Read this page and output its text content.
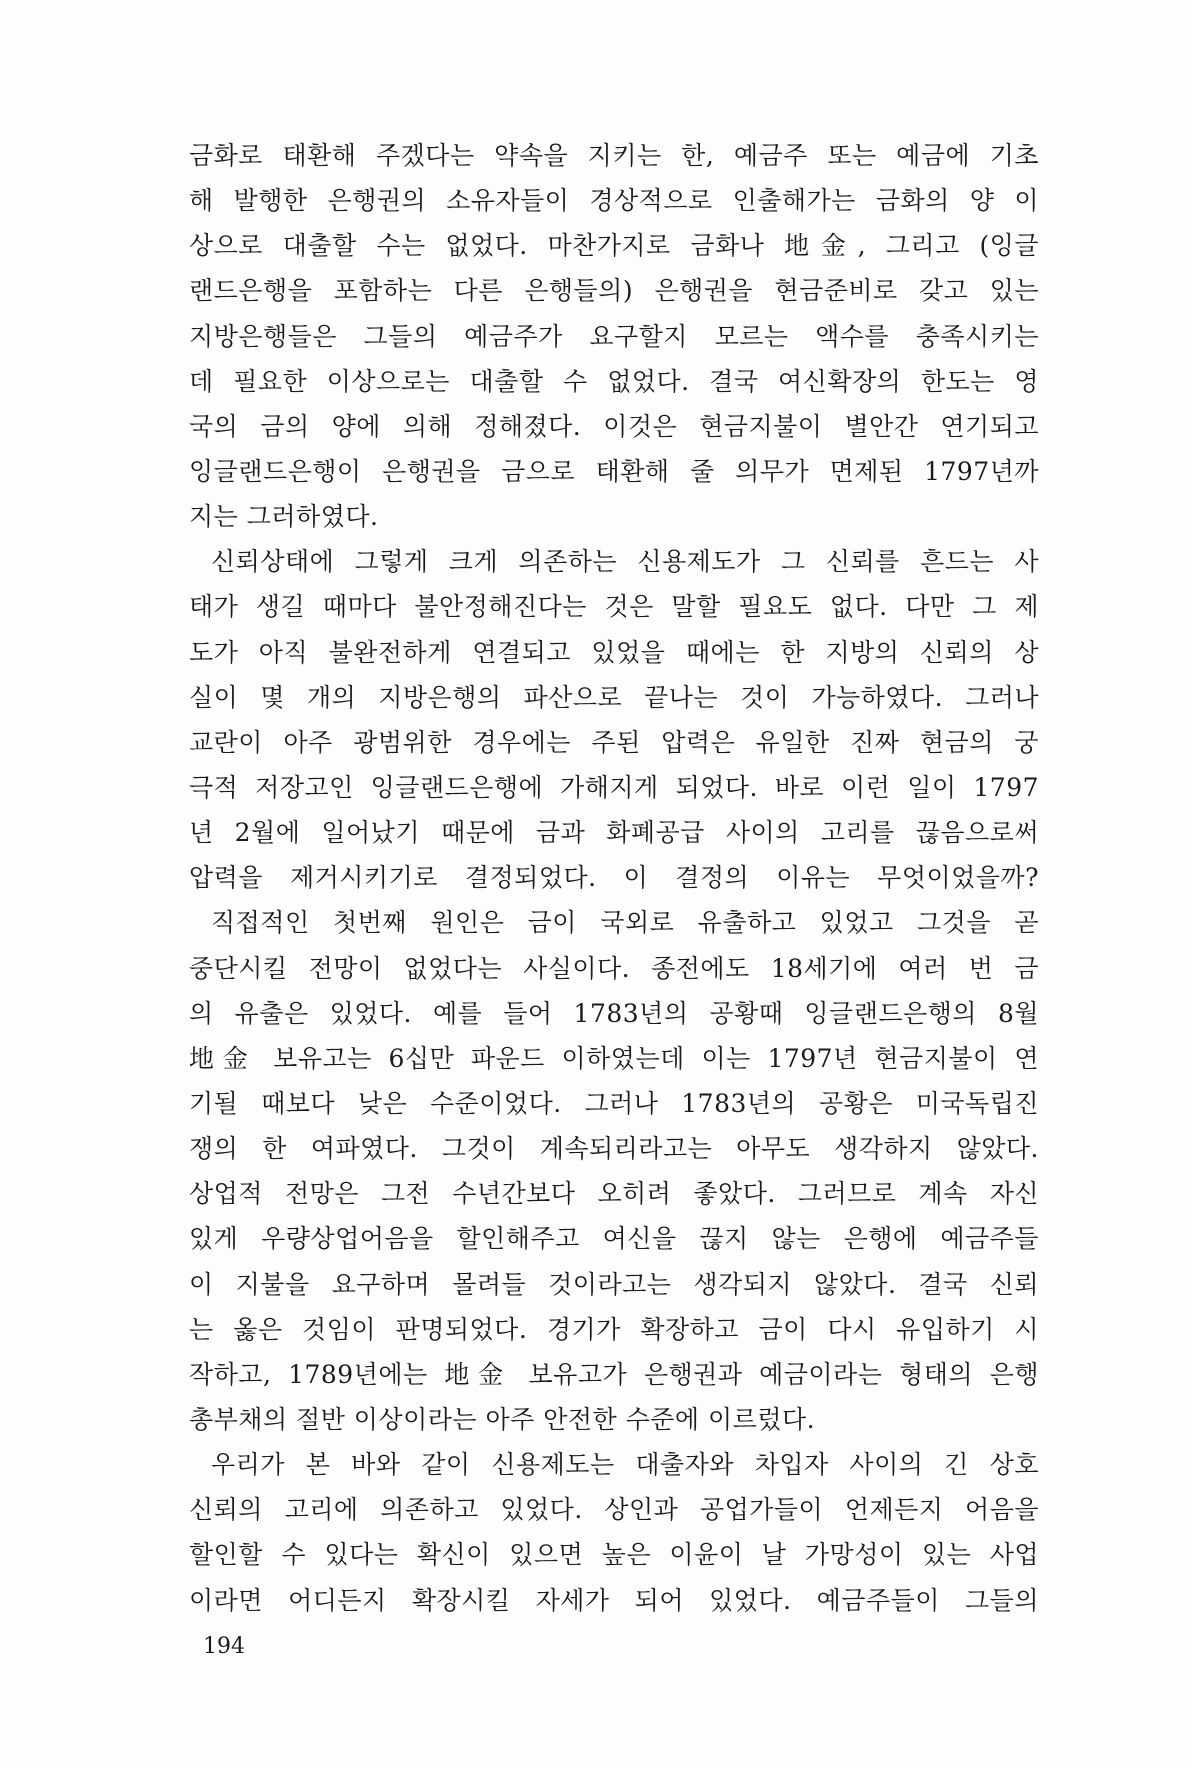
금화로 태환해 주겠다는 약속을 지키는 한, 예금주 또는 예금에 기초
해 발행한 은행권의 소유자들이 경상적으로 인출해가는 금화의 양 이
상으로 대출할 수는 없었다. 마찬가지로 금화나 地金, 그리고 (잉글
랜드은행을 포함하는 다른 은행들의) 은행권을 현금준비로 갖고 있는
지방은행들은 그들의 예금주가 요구할지 모르는 액수를 충족시키는
데 필요한 이상으로는 대출할 수 없었다. 결국 여신확장의 한도는 영
국의 금의 양에 의해 정해졌다. 이것은 현금지불이 별안간 연기되고
잉글랜드은행이 은행권을 금으로 태환해 줄 의무가 면제된 1797년까
지는 그러하였다.
신뢰상태에 그렇게 크게 의존하는 신용제도가 그 신뢰를 흔드는 사
태가 생길 때마다 불안정해진다는 것은 말할 필요도 없다. 다만 그 제
도가 아직 불완전하게 연결되고 있었을 때에는 한 지방의 신뢰의 상
실이 몇 개의 지방은행의 파산으로 끝나는 것이 가능하였다. 그러나
교란이 아주 광범위한 경우에는 주된 압력은 유일한 진짜 현금의 궁
극적 저장고인 잉글랜드은행에 가해지게 되었다. 바로 이런 일이 1797
년 2월에 일어났기 때문에 금과 화폐공급 사이의 고리를 끊음으로써
압력을 제거시키기로 결정되었다. 이 결정의 이유는 무엇이었을까?
직접적인 첫번째 원인은 금이 국외로 유출하고 있었고 그것을 곧
중단시킬 전망이 없었다는 사실이다. 종전에도 18세기에 여러 번 금
의 유출은 있었다. 예를 들어 1783년의 공황때 잉글랜드은행의 8월
地金 보유고는 6십만 파운드 이하였는데 이는 1797년 현금지불이 연
기될 때보다 낮은 수준이었다. 그러나 1783년의 공황은 미국독립진
쟁의 한 여파였다. 그것이 계속되리라고는 아무도 생각하지 않았다.
상업적 전망은 그전 수년간보다 오히려 좋았다. 그러므로 계속 자신
있게 우량상업어음을 할인해주고 여신을 끊지 않는 은행에 예금주들
이 지불을 요구하며 몰려들 것이라고는 생각되지 않았다. 결국 신뢰
는 옳은 것임이 판명되었다. 경기가 확장하고 금이 다시 유입하기 시
작하고, 1789년에는 地金 보유고가 은행권과 예금이라는 형태의 은행
총부채의 절반 이상이라는 아주 안전한 수준에 이르렀다.
우리가 본 바와 같이 신용제도는 대출자와 차입자 사이의 긴 상호
신뢰의 고리에 의존하고 있었다. 상인과 공업가들이 언제든지 어음을
할인할 수 있다는 확신이 있으면 높은 이윤이 날 가망성이 있는 사업
이라면 어디든지 확장시킬 자세가 되어 있었다. 예금주들이 그들의
194
